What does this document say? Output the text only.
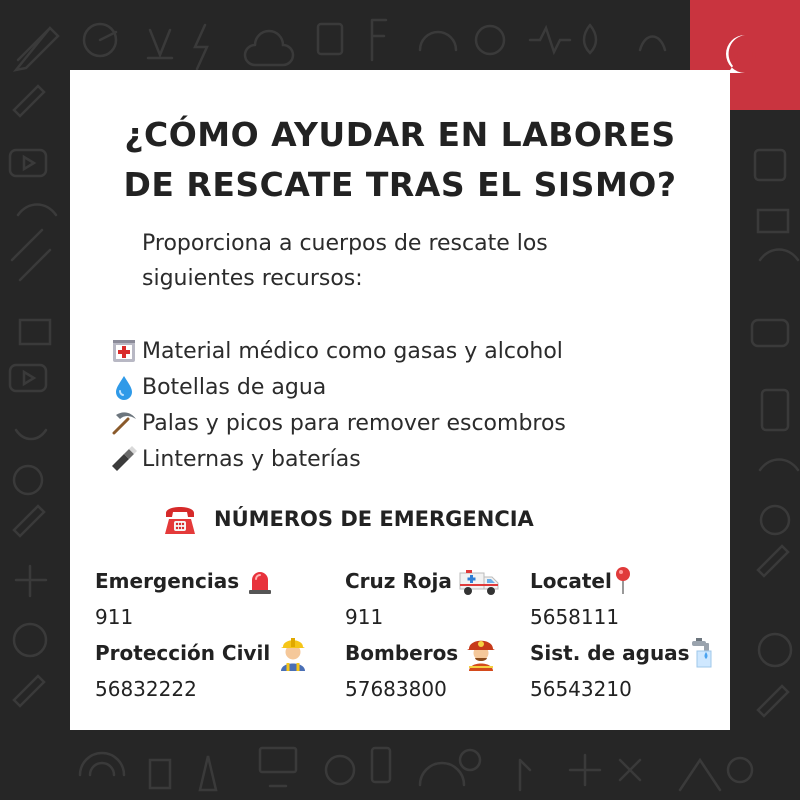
¿CÓMO AYUDAR EN LABORES
DE RESCATE TRAS EL SISMO?
Proporciona a cuerpos de rescate los
siguientes recursos:
Material médico como gasas y alcohol
Botellas de agua
Palas y picos para remover escombros
Linternas y baterías
NÚMEROS DE EMERGENCIA
Emergencias
911
Cruz Roja
911
Locatel
5658111
Protección Civil
56832222
Bomberos
57683800
Sist. de aguas
56543210
